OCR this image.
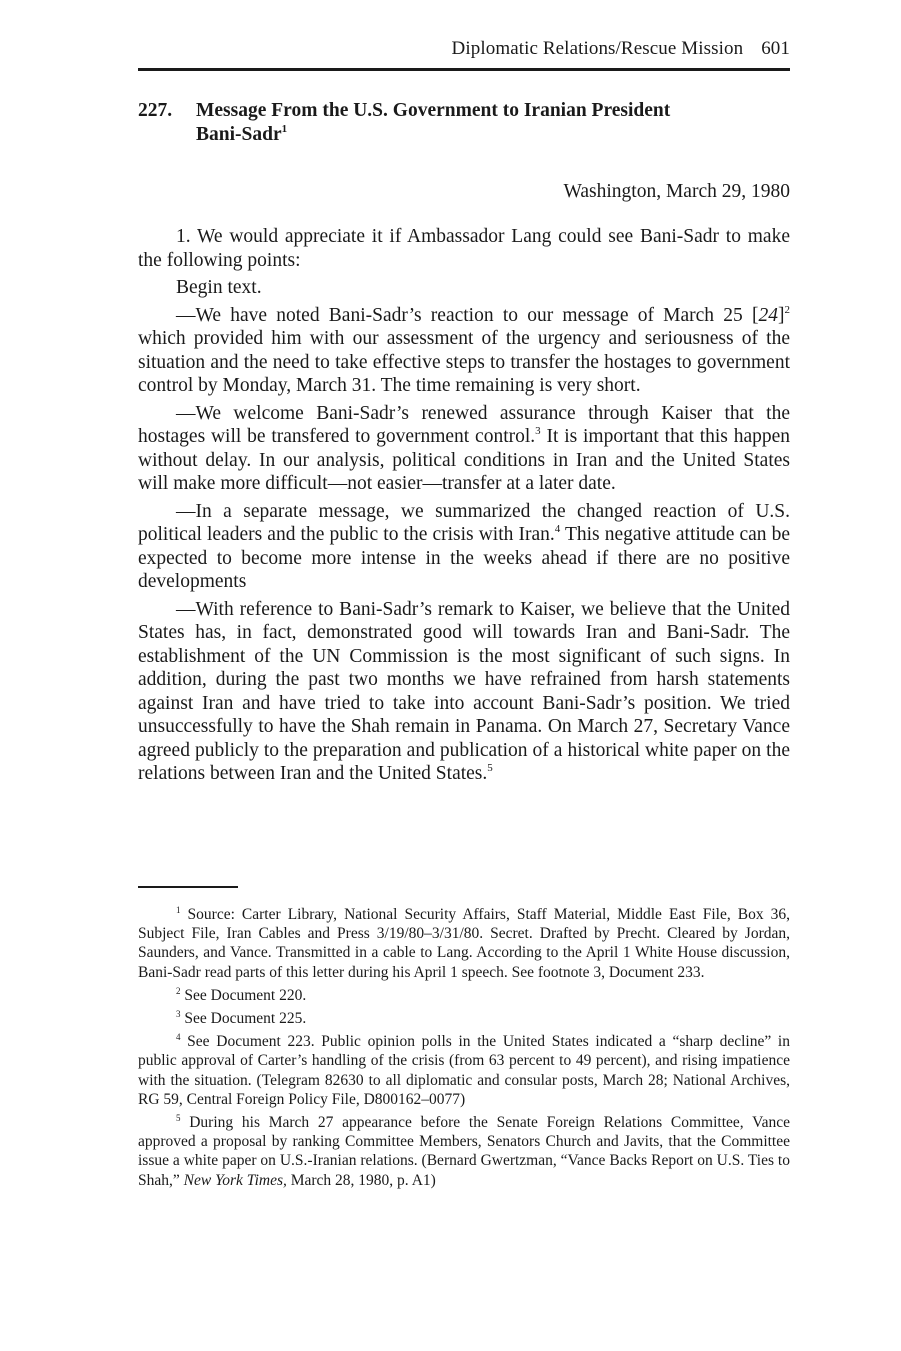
Diplomatic Relations/Rescue Mission 601
227. Message From the U.S. Government to Iranian President
Bani-Sadr$^1$
Washington, March 29, 1980

1. We would appreciate it if Ambassador Lang could see Bani-Sadr to make the following points:

Begin text.

—We have noted Bani-Sadr’s reaction to our message of March 25 $[24]^2$ which provided him with our assessment of the urgency and seriousness of the situation and the need to take effective steps to transfer the hostages to government control by Monday, March 31. The time remaining is very short.

—We welcome Bani-Sadr’s renewed assurance through Kaiser that the hostages will be transfered to government control.$^3$ It is important that this happen without delay. In our analysis, political conditions in Iran and the United States will make more difficult—not easier—transfer at a later date.

—In a separate message, we summarized the changed reaction of U.S. political leaders and the public to the crisis with Iran.$^4$ This negative attitude can be expected to become more intense in the weeks ahead if there are no positive developments

—With reference to Bani-Sadr’s remark to Kaiser, we believe that the United States has, in fact, demonstrated good will towards Iran and Bani-Sadr. The establishment of the UN Commission is the most significant of such signs. In addition, during the past two months we have refrained from harsh statements against Iran and have tried to take into account Bani-Sadr’s position. We tried unsuccessfully to have the Shah remain in Panama. On March 27, Secretary Vance agreed publicly to the preparation and publication of a historical white paper on the relations between Iran and the United States.$^5$

$^1$ Source: Carter Library, National Security Affairs, Staff Material, Middle East File, Box 36, Subject File, Iran Cables and Press 3/19/80–3/31/80. Secret. Drafted by Precht. Cleared by Jordan, Saunders, and Vance. Transmitted in a cable to Lang. According to the April 1 White House discussion, Bani-Sadr read parts of this letter during his April 1 speech. See footnote 3, Document 233.

$^2$ See Document 220.

$^3$ See Document 225.

$^4$ See Document 223. Public opinion polls in the United States indicated a “sharp decline” in public approval of Carter’s handling of the crisis (from 63 percent to 49 percent), and rising impatience with the situation. (Telegram 82630 to all diplomatic and consular posts, March 28; National Archives, RG 59, Central Foreign Policy File, D800162–0077)

$^5$ During his March 27 appearance before the Senate Foreign Relations Committee, Vance approved a proposal by ranking Committee Members, Senators Church and Javits, that the Committee issue a white paper on U.S.-Iranian relations. (Bernard Gwertzman, “Vance Backs Report on U.S. Ties to Shah,” New York Times, March 28, 1980, p. A1)
